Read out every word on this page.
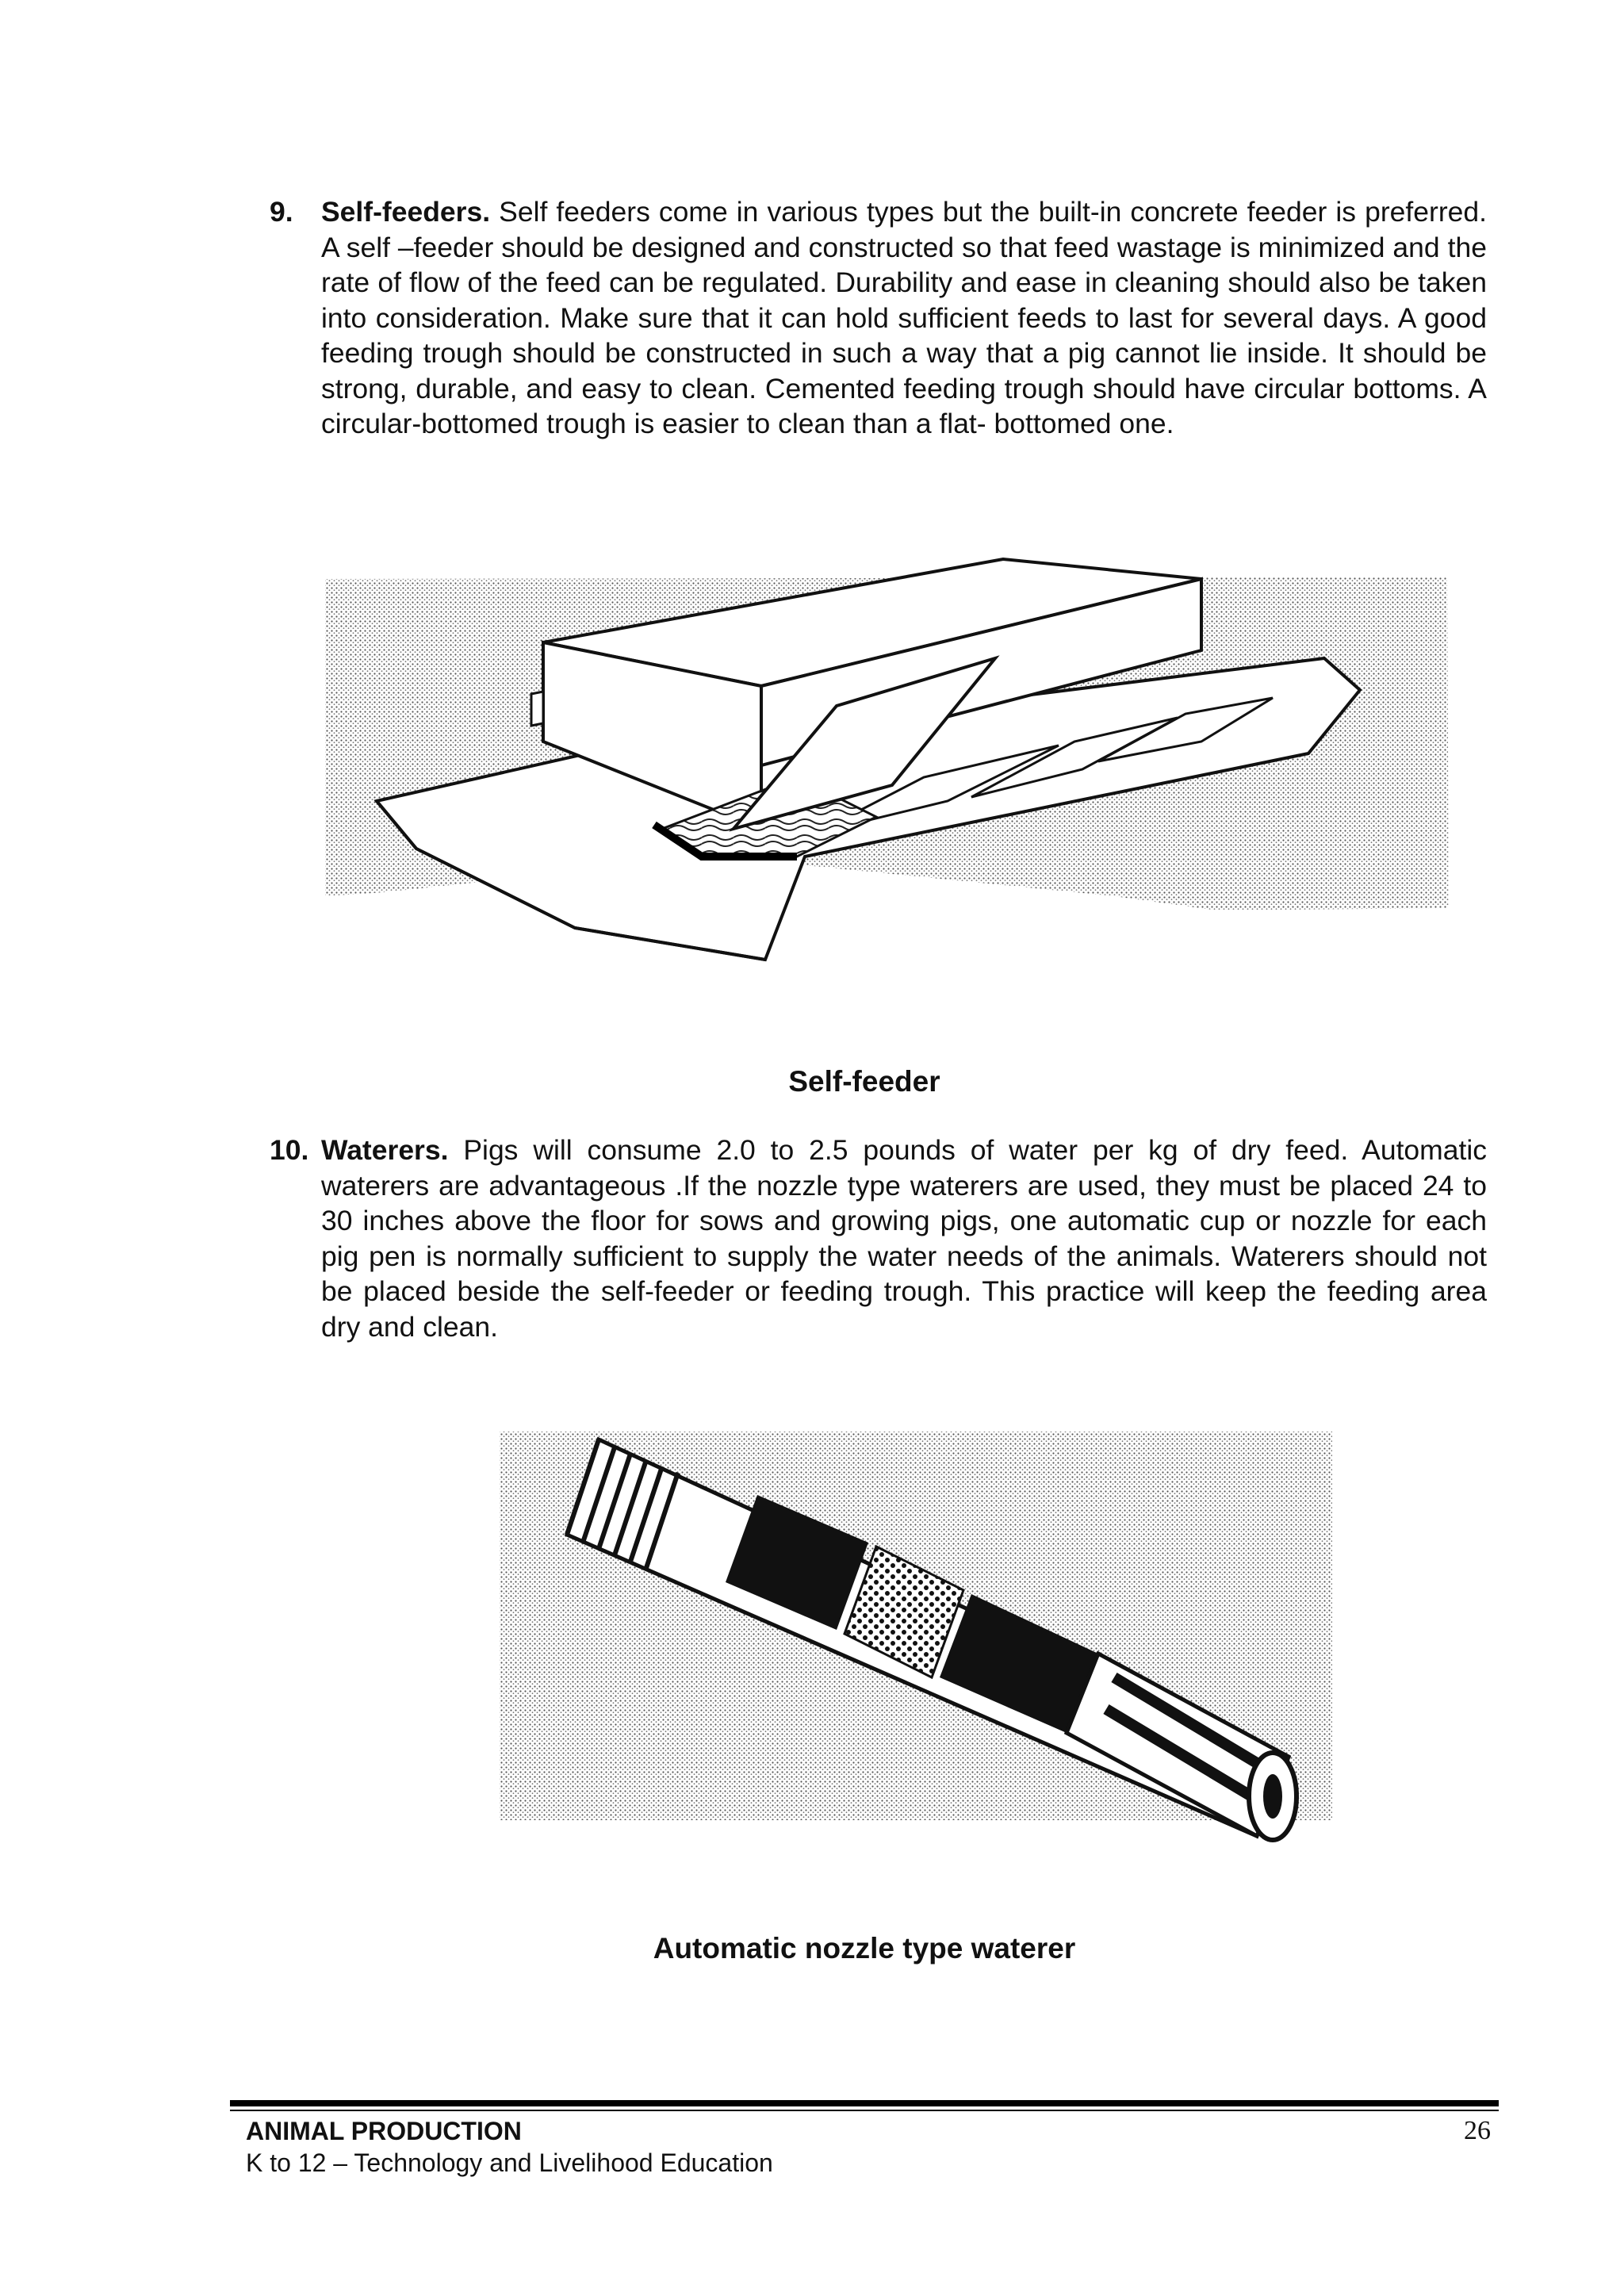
9. Self-feeders. Self feeders come in various types but the built-in concrete feeder is preferred. A self –feeder should be designed and constructed so that feed wastage is minimized and the rate of flow of the feed can be regulated. Durability and ease in cleaning should also be taken into consideration. Make sure that it can hold sufficient feeds to last for several days. A good feeding trough should be constructed in such a way that a pig cannot lie inside. It should be strong, durable, and easy to clean. Cemented feeding trough should have circular bottoms. A circular-bottomed trough is easier to clean than a flat- bottomed one.
Self-feeder
10. Waterers. Pigs will consume 2.0 to 2.5 pounds of water per kg of dry feed. Automatic waterers are advantageous .If the nozzle type waterers are used, they must be placed 24 to 30 inches above the floor for sows and growing pigs, one automatic cup or nozzle for each pig pen is normally sufficient to supply the water needs of the animals. Waterers should not be placed beside the self-feeder or feeding trough. This practice will keep the feeding area dry and clean.
Automatic nozzle type waterer
ANIMAL PRODUCTION
K to 12 – Technology and Livelihood Education
26
